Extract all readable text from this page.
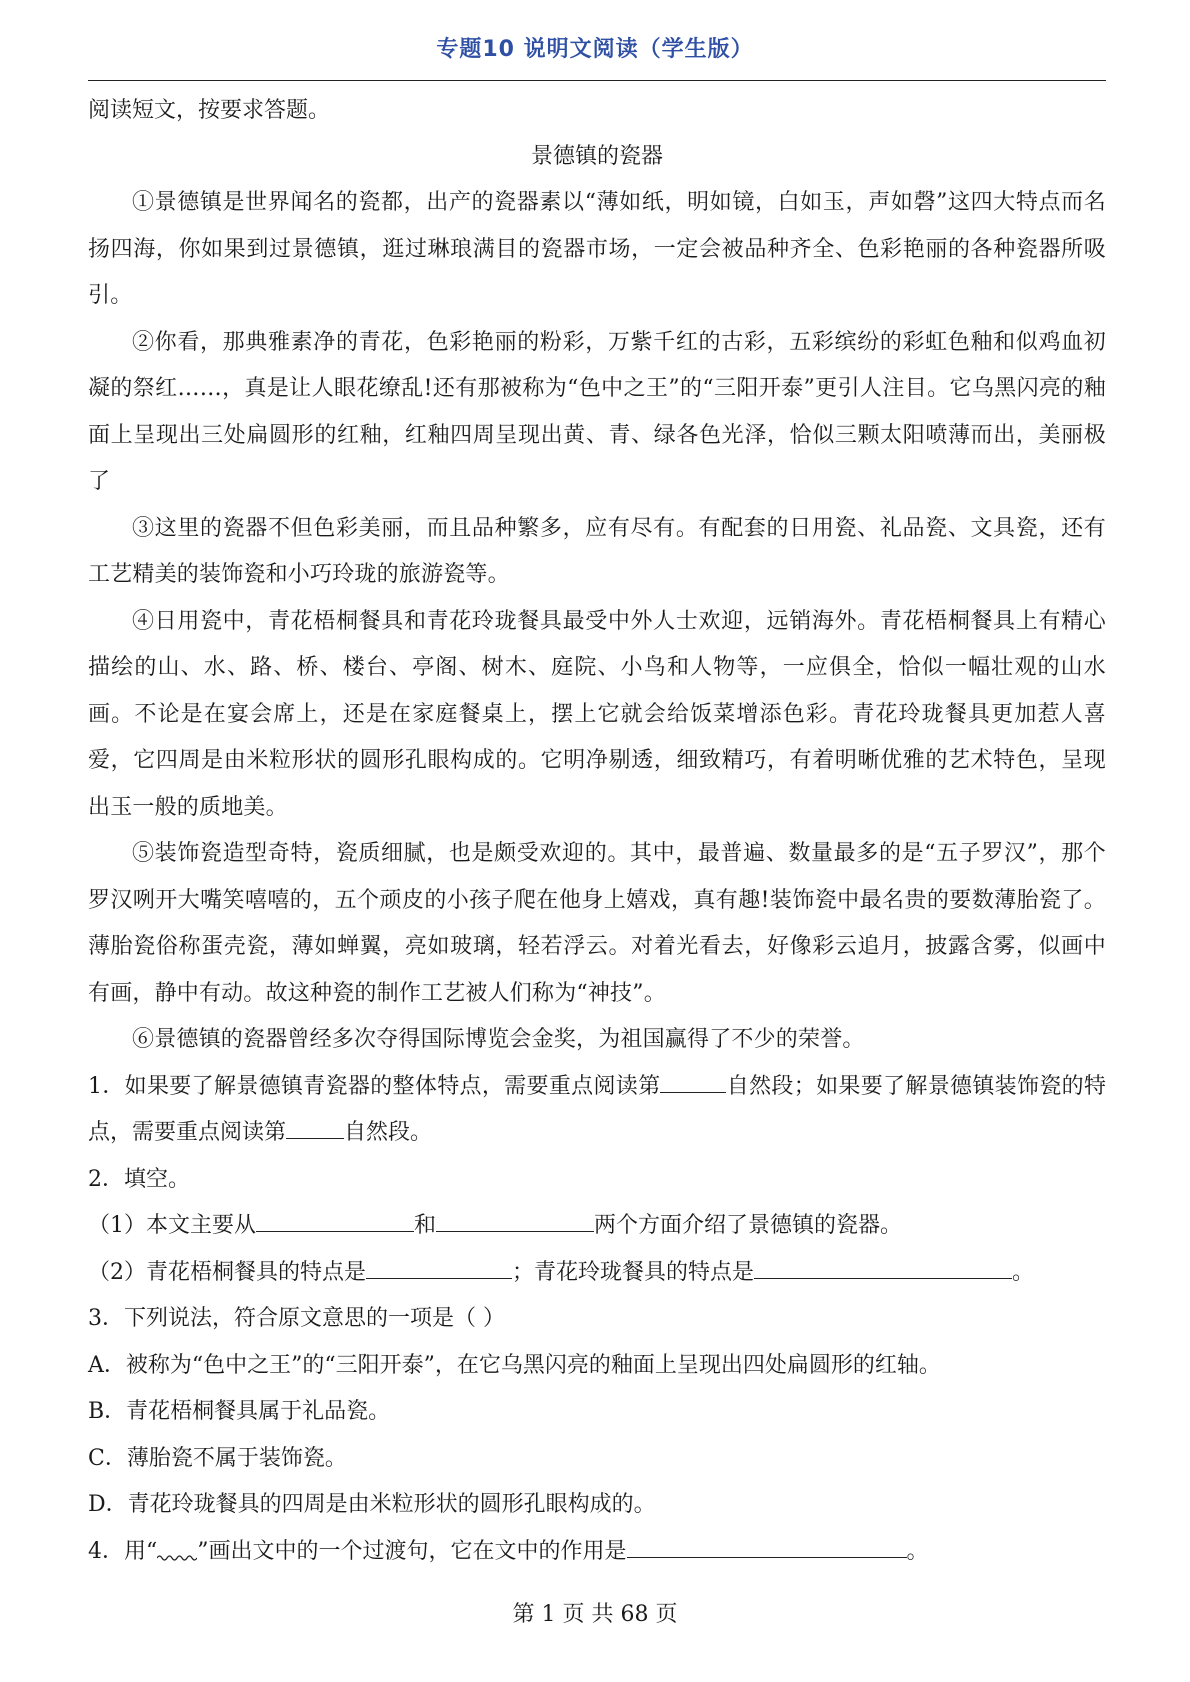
专题10 说明文阅读（学生版）

阅读短文，按要求答题。

景德镇的瓷器

①景德镇是世界闻名的瓷都，出产的瓷器素以“薄如纸，明如镜，白如玉，声如磬”这四大特点而名扬四海，你如果到过景德镇，逛过琳琅满目的瓷器市场，一定会被品种齐全、色彩艳丽的各种瓷器所吸引。

②你看，那典雅素净的青花，色彩艳丽的粉彩，万紫千红的古彩，五彩缤纷的彩虹色釉和似鸡血初凝的祭红……，真是让人眼花缭乱!还有那被称为“色中之王”的“三阳开泰”更引人注目。它乌黑闪亮的釉面上呈现出三处扁圆形的红釉，红釉四周呈现出黄、青、绿各色光泽，恰似三颗太阳喷薄而出，美丽极了

③这里的瓷器不但色彩美丽，而且品种繁多，应有尽有。有配套的日用瓷、礼品瓷、文具瓷，还有工艺精美的装饰瓷和小巧玲珑的旅游瓷等。

④日用瓷中，青花梧桐餐具和青花玲珑餐具最受中外人士欢迎，远销海外。青花梧桐餐具上有精心描绘的山、水、路、桥、楼台、亭阁、树木、庭院、小鸟和人物等，一应俱全，恰似一幅壮观的山水画。不论是在宴会席上，还是在家庭餐桌上，摆上它就会给饭菜增添色彩。青花玲珑餐具更加惹人喜爱，它四周是由米粒形状的圆形孔眼构成的。它明净剔透，细致精巧，有着明晰优雅的艺术特色，呈现出玉一般的质地美。

⑤装饰瓷造型奇特，瓷质细腻，也是颇受欢迎的。其中，最普遍、数量最多的是“五子罗汉”，那个罗汉咧开大嘴笑嘻嘻的，五个顽皮的小孩子爬在他身上嬉戏，真有趣!装饰瓷中最名贵的要数薄胎瓷了。薄胎瓷俗称蛋壳瓷，薄如蝉翼，亮如玻璃，轻若浮云。对着光看去，好像彩云追月，披露含雾，似画中有画，静中有动。故这种瓷的制作工艺被人们称为“神技”。

⑥景德镇的瓷器曾经多次夺得国际博览会金奖，为祖国赢得了不少的荣誉。

1．如果要了解景德镇青瓷器的整体特点，需要重点阅读第	自然段；如果要了解景德镇装饰瓷的特点，需要重点阅读第	自然段。

2．填空。

（1）本文主要从	和	两个方面介绍了景德镇的瓷器。

（2）青花梧桐餐具的特点是	；青花玲珑餐具的特点是	。

3．下列说法，符合原文意思的一项是（ ）

A．被称为“色中之王”的“三阳开泰”，在它乌黑闪亮的釉面上呈现出四处扁圆形的红轴。

B．青花梧桐餐具属于礼品瓷。

C．薄胎瓷不属于装饰瓷。

D．青花玲珑餐具的四周是由米粒形状的圆形孔眼构成的。

4．用“ ”画出文中的一个过渡句，它在文中的作用是	。

第 1 页 共 68 页
